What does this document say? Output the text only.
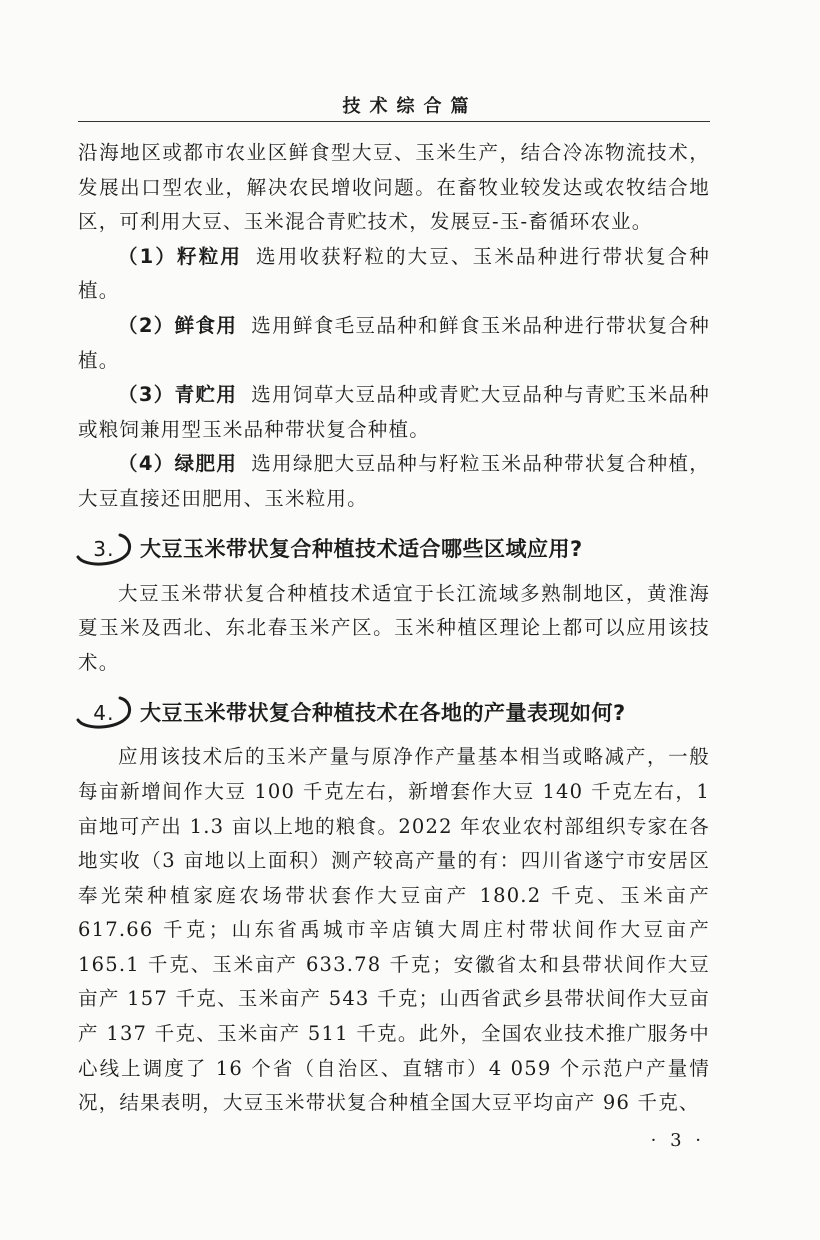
技术综合篇

沿海地区或都市农业区鲜食型大豆、玉米生产，结合冷冻物流技术，发展出口型农业，解决农民增收问题。在畜牧业较发达或农牧结合地区，可利用大豆、玉米混合青贮技术，发展豆-玉-畜循环农业。

（1）籽粒用 选用收获籽粒的大豆、玉米品种进行带状复合种植。

（2）鲜食用 选用鲜食毛豆品种和鲜食玉米品种进行带状复合种植。

（3）青贮用 选用饲草大豆品种或青贮大豆品种与青贮玉米品种或粮饲兼用型玉米品种带状复合种植。

（4）绿肥用 选用绿肥大豆品种与籽粒玉米品种带状复合种植，大豆直接还田肥用、玉米粒用。

3. 大豆玉米带状复合种植技术适合哪些区域应用?

大豆玉米带状复合种植技术适宜于长江流域多熟制地区，黄淮海夏玉米及西北、东北春玉米产区。玉米种植区理论上都可以应用该技术。

4. 大豆玉米带状复合种植技术在各地的产量表现如何?

应用该技术后的玉米产量与原净作产量基本相当或略减产，一般每亩新增间作大豆 100 千克左右，新增套作大豆 140 千克左右，1 亩地可产出 1.3 亩以上地的粮食。2022 年农业农村部组织专家在各地实收（3 亩地以上面积）测产较高产量的有：四川省遂宁市安居区奉光荣种植家庭农场带状套作大豆亩产 180.2 千克、玉米亩产 617.66 千克；山东省禹城市辛店镇大周庄村带状间作大豆亩产 165.1 千克、玉米亩产 633.78 千克；安徽省太和县带状间作大豆亩产 157 千克、玉米亩产 543 千克；山西省武乡县带状间作大豆亩产 137 千克、玉米亩产 511 千克。此外，全国农业技术推广服务中心线上调度了 16 个省（自治区、直辖市）4 059 个示范户产量情况，结果表明，大豆玉米带状复合种植全国大豆平均亩产 96 千克、

· 3 ·
